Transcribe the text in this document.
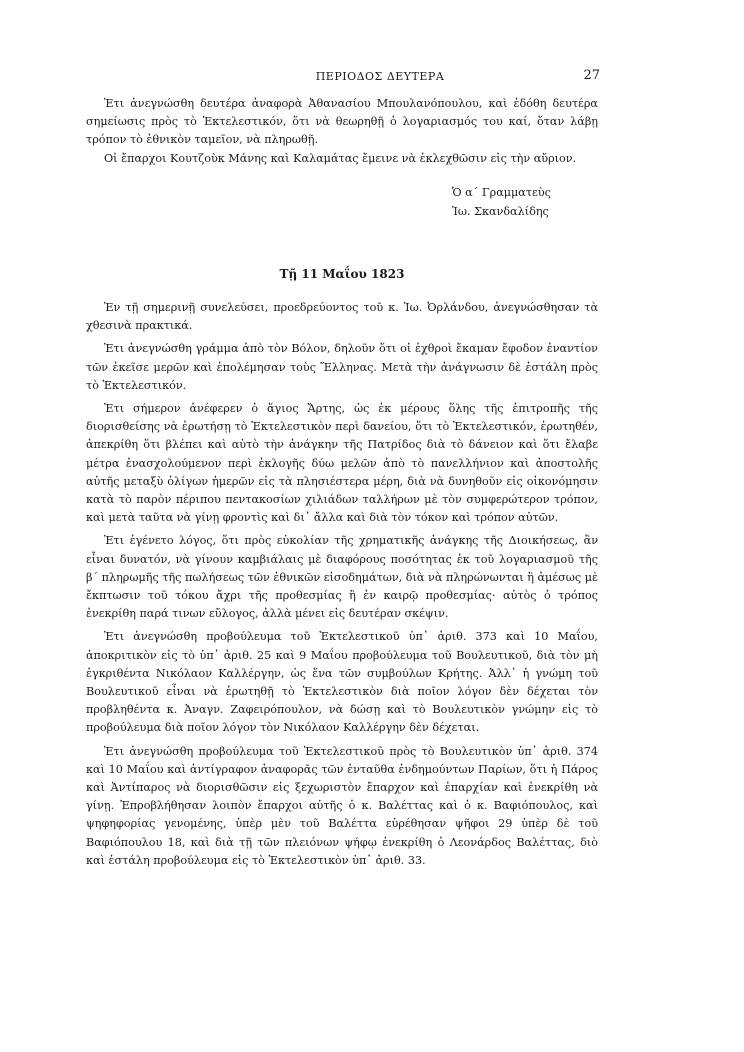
ΠΕΡΙΟΔΟΣ ΔΕΥΤΕΡΑ	27

Ἐτι ἀνεγνώσθη δευτέρα ἀναφορὰ Ἀθανασίου Μπουλανόπουλου, καὶ ἐδόθη δευτέρα σημείωσις πρὸς τὸ Ἐκτελεστικόν, ὅτι νὰ θεωρηθῇ ὁ λογαριασμός του καί, ὅταν λάβῃ τρόπον τὸ ἐθνικὸν ταμεῖον, νὰ πληρωθῇ.

Οἱ ἔπαρχοι Κουτζοὺκ Μάνης καὶ Καλαμάτας ἔμεινε νὰ ἐκλεχθῶσιν εἰς τὴν αὔριον.

Ὁ α΄ Γραμματεὺς
Ἰω. Σκανδαλίδης
Τῇ 11 Μαΐου 1823

Ἐν τῇ σημερινῇ συνελεύσει, προεδρεύοντος τοῦ κ. Ἰω. Ὀρλάνδου, ἀνεγνώσθησαν τὰ χθεσινὰ πρακτικά.

Ἐτι ἀνεγνώσθη γράμμα ἀπὸ τὸν Βόλον, δηλοῦν ὅτι οἱ ἐχθροὶ ἔκαμαν ἔφοδον ἐναντίον τῶν ἐκεῖσε μερῶν καὶ ἐπολέμησαν τοὺς Ἕλληνας. Μετὰ τὴν ἀνάγνωσιν δὲ ἐστάλη πρὸς τὸ Ἐκτελεστικόν.

Ἐτι σήμερον ἀνέφερεν ὁ ἅγιος Ἄρτης, ὡς ἐκ μέρους ὅλης τῆς ἐπιτροπῆς τῆς διορισθείσης νὰ ἐρωτήσῃ τὸ Ἐκτελεστικὸν περὶ δανείου, ὅτι τὸ Ἐκτελεστικόν, ἐρωτηθέν, ἀπεκρίθη ὅτι βλέπει καὶ αὐτὸ τὴν ἀνάγκην τῆς Πατρίδος διὰ τὸ δάνειον καὶ ὅτι ἔλαβε μέτρα ἐνασχολούμενον περὶ ἐκλογῆς δύω μελῶν ἀπὸ τὸ πανελλήνιον καὶ ἀποστολῆς αὐτῆς μεταξὺ ὀλίγων ἡμερῶν εἰς τὰ πλησιέστερα μέρη, διὰ νὰ δυνηθοῦν εἰς οἰκονόμησιν κατὰ τὸ παρὸν πέριπου πεντακοσίων χιλιάδων ταλλήρων μὲ τὸν συμφερώτερον τρόπον, καὶ μετὰ ταῦτα νὰ γίνῃ φροντὶς καὶ δι᾽ ἄλλα καὶ διὰ τὸν τόκον καὶ τρόπον αὐτῶν.

Ἐτι ἐγένετο λόγος, ὅτι πρὸς εὐκολίαν τῆς χρηματικῆς ἀνάγκης τῆς Διοικήσεως, ἂν εἶναι δυνατόν, νὰ γίνουν καμβιάλαις μὲ διαφόρους ποσότητας ἐκ τοῦ λογαριασμοῦ τῆς β΄ πληρωμῆς τῆς πωλήσεως τῶν ἐθνικῶν εἰσοδημάτων, διὰ νὰ πληρώνωνται ἢ ἀμέσως μὲ ἔκπτωσιν τοῦ τόκου ἄχρι τῆς προθεσμίας ἢ ἐν καιρῷ προθεσμίας· αὐτὸς ὁ τρόπος ἐνεκρίθη παρά τινων εὔλογος, ἀλλὰ μένει εἰς δευτέραν σκέψιν.

Ἐτι ἀνεγνώσθη προβούλευμα τοῦ Ἐκτελεστικοῦ ὑπ᾽ ἀριθ. 373 καὶ 10 Μαΐου, ἀποκριτικὸν εἰς τὸ ὑπ᾽ ἀριθ. 25 καὶ 9 Μαΐου προβούλευμα τοῦ Βουλευτικοῦ, διὰ τὸν μὴ ἐγκριθέντα Νικόλαον Καλλέργην, ὡς ἕνα τῶν συμβούλων Κρήτης. Ἀλλ᾽ ἡ γνώμη τοῦ Βουλευτικοῦ εἶναι νὰ ἐρωτηθῇ τὸ Ἐκτελεστικὸν διὰ ποῖον λόγον δὲν δέχεται τὸν προβληθέντα κ. Ἀναγν. Ζαφειρόπουλον, νὰ δώσῃ καὶ τὸ Βουλευτικὸν γνώμην εἰς τὸ προβούλευμα διὰ ποῖον λόγον τὸν Νικόλαον Καλλέργην δὲν δέχεται.

Ἐτι ἀνεγνώσθη προβούλευμα τοῦ Ἐκτελεστικοῦ πρὸς τὸ Βουλευτικὸν ὑπ᾽ ἀριθ. 374 καὶ 10 Μαΐου καὶ ἀντίγραφον ἀναφορᾶς τῶν ἐνταῦθα ἐνδημούντων Παρίων, ὅτι ἡ Πάρος καὶ Ἀντίπαρος νὰ διορισθῶσιν εἰς ξεχωριστὸν ἔπαρχον καὶ ἐπαρχίαν καὶ ἐνεκρίθη νὰ γίνῃ. Ἐπροβλήθησαν λοιπὸν ἔπαρχοι αὐτῆς ὁ κ. Βαλέττας καὶ ὁ κ. Βαφιόπουλος, καὶ ψηφηφορίας γενομένης, ὑπὲρ μὲν τοῦ Βαλέττα εὑρέθησαν ψῆφοι 29 ὑπὲρ δὲ τοῦ Βαφιόπουλου 18, καὶ διὰ τῇ τῶν πλειόνων ψήφῳ ἐνεκρίθη ὁ Λεονάρδος Βαλέττας, διὸ καὶ ἐστάλη προβούλευμα εἰς τὸ Ἐκτελεστικὸν ὑπ᾽ ἀριθ. 33.
